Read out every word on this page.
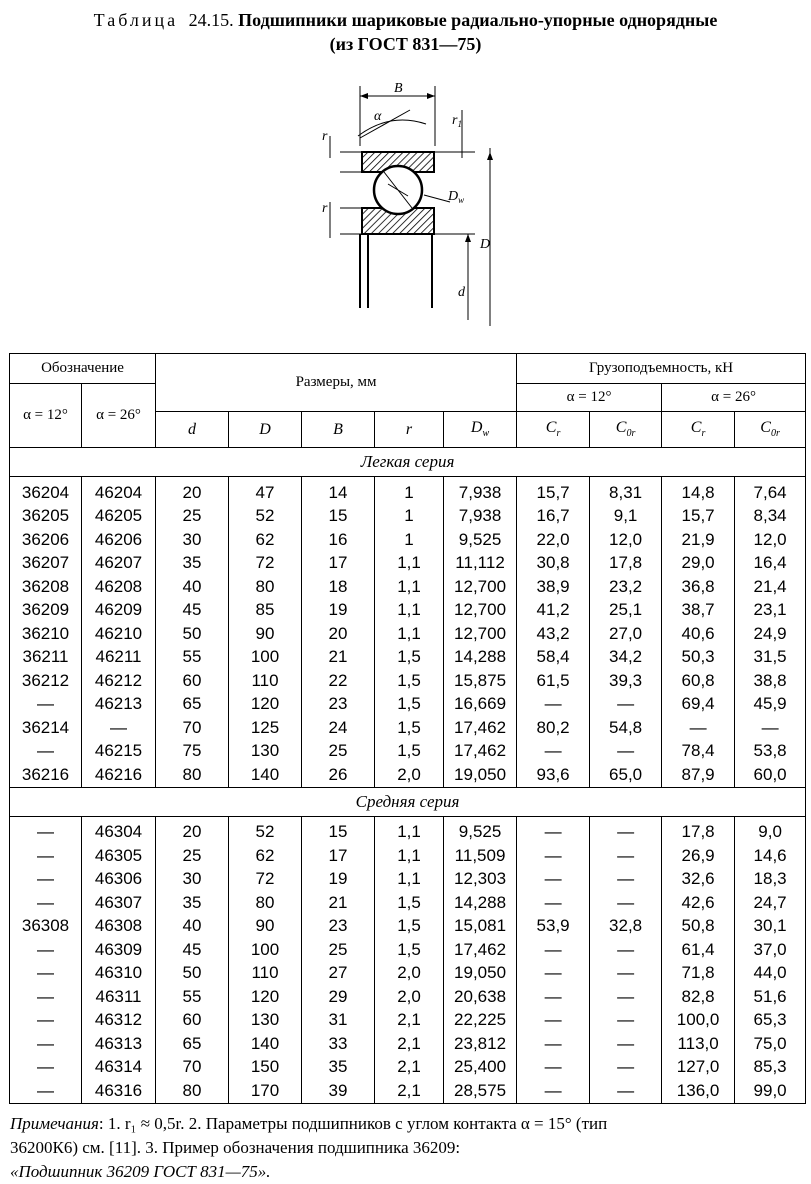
Таблица 24.15. Подшипники шариковые радиально-упорные однорядные
(из ГОСТ 831—75)
B
α
$D_w$
r
r
$r_1$
d
D
Обозначение		Размеры, мм					Грузоподъемность, кН			
α = 12°	α = 26°						α = 12°		α = 26°	
		d	D	B	r	$D_w$	$C_r$	$C_{0r}$	$C_r$	$C_{0r}$
Легкая серия										
36204	46204	20	47	14	1	7,938	15,7	8,31	14,8	7,64
36205	46205	25	52	15	1	7,938	16,7	9,1	15,7	8,34
36206	46206	30	62	16	1	9,525	22,0	12,0	21,9	12,0
36207	46207	35	72	17	1,1	11,112	30,8	17,8	29,0	16,4
36208	46208	40	80	18	1,1	12,700	38,9	23,2	36,8	21,4
36209	46209	45	85	19	1,1	12,700	41,2	25,1	38,7	23,1
36210	46210	50	90	20	1,1	12,700	43,2	27,0	40,6	24,9
36211	46211	55	100	21	1,5	14,288	58,4	34,2	50,3	31,5
36212	46212	60	110	22	1,5	15,875	61,5	39,3	60,8	38,8
—	46213	65	120	23	1,5	16,669	—	—	69,4	45,9
36214	—	70	125	24	1,5	17,462	80,2	54,8	—	—
—	46215	75	130	25	1,5	17,462	—	—	78,4	53,8
36216	46216	80	140	26	2,0	19,050	93,6	65,0	87,9	60,0
Средняя серия										
—	46304	20	52	15	1,1	9,525	—	—	17,8	9,0
—	46305	25	62	17	1,1	11,509	—	—	26,9	14,6
—	46306	30	72	19	1,1	12,303	—	—	32,6	18,3
—	46307	35	80	21	1,5	14,288	—	—	42,6	24,7
36308	46308	40	90	23	1,5	15,081	53,9	32,8	50,8	30,1
—	46309	45	100	25	1,5	17,462	—	—	61,4	37,0
—	46310	50	110	27	2,0	19,050	—	—	71,8	44,0
—	46311	55	120	29	2,0	20,638	—	—	82,8	51,6
—	46312	60	130	31	2,1	22,225	—	—	100,0	65,3
—	46313	65	140	33	2,1	23,812	—	—	113,0	75,0
—	46314	70	150	35	2,1	25,400	—	—	127,0	85,3
—	46316	80	170	39	2,1	28,575	—	—	136,0	99,0
Примечания: 1. r₁ ≈ 0,5r. 2. Параметры подшипников с углом контакта α = 15° (тип
36200К6) см. [11]. 3. Пример обозначения подшипника 36209:
«Подшипник 36209 ГОСТ 831—75».
